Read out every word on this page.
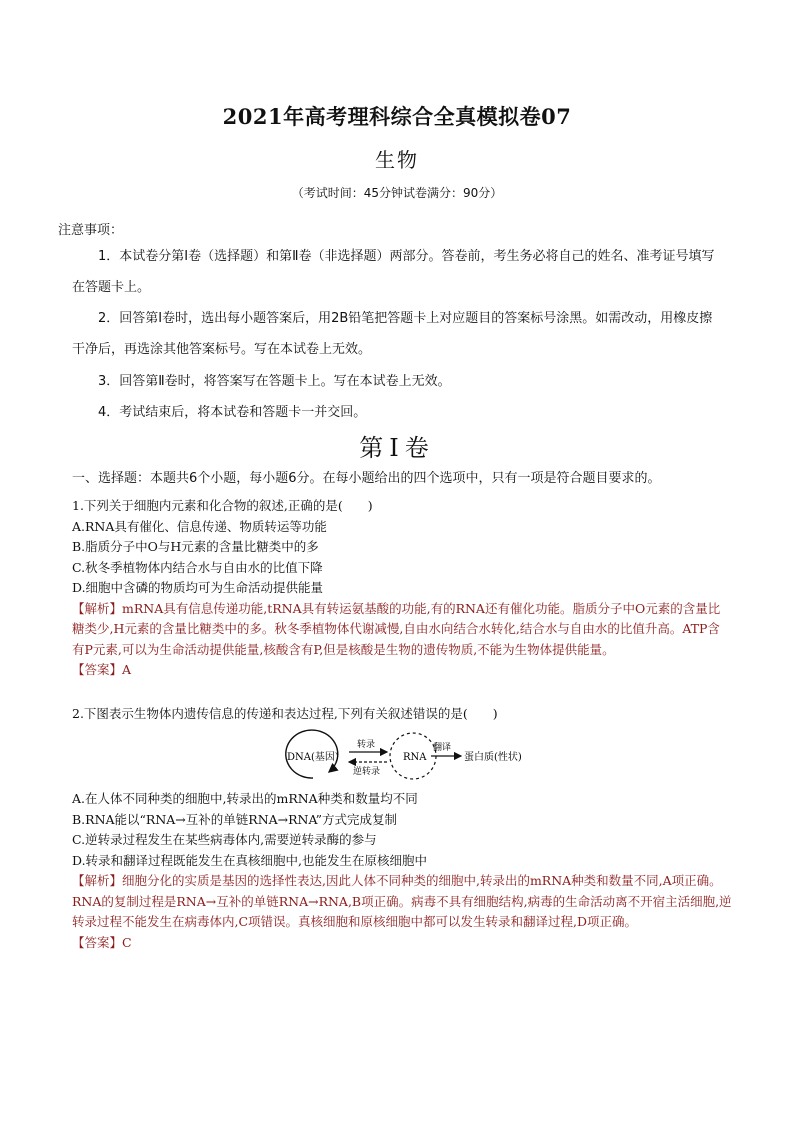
2021年高考理科综合全真模拟卷07
生物
（考试时间：45分钟试卷满分：90分）
注意事项：
1．本试卷分第Ⅰ卷（选择题）和第Ⅱ卷（非选择题）两部分。答卷前，考生务必将自己的姓名、准考证号填写在答题卡上。
2．回答第Ⅰ卷时，选出每小题答案后，用2B铅笔把答题卡上对应题目的答案标号涂黑。如需改动，用橡皮擦干净后，再选涂其他答案标号。写在本试卷上无效。
3．回答第Ⅱ卷时，将答案写在答题卡上。写在本试卷上无效。
4．考试结束后，将本试卷和答题卡一并交回。
第Ⅰ卷
一、选择题：本题共6个小题，每小题6分。在每小题给出的四个选项中，只有一项是符合题目要求的。
1.下列关于细胞内元素和化合物的叙述,正确的是(　　)
A.RNA具有催化、信息传递、物质转运等功能
B.脂质分子中O与H元素的含量比糖类中的多
C.秋冬季植物体内结合水与自由水的比值下降
D.细胞中含磷的物质均可为生命活动提供能量
【解析】mRNA具有信息传递功能,tRNA具有转运氨基酸的功能,有的RNA还有催化功能。脂质分子中O元素的含量比糖类少,H元素的含量比糖类中的多。秋冬季植物体代谢减慢,自由水向结合水转化,结合水与自由水的比值升高。ATP含有P元素,可以为生命活动提供能量,核酸含有P,但是核酸是生物的遗传物质,不能为生物体提供能量。
【答案】A
2.下图表示生物体内遗传信息的传递和表达过程,下列有关叙述错误的是(　　)
DNA(基因)	RNA
转录
逆转录
翻译
蛋白质(性状)
A.在人体不同种类的细胞中,转录出的mRNA种类和数量均不同
B.RNA能以“RNA→互补的单链RNA→RNA”方式完成复制
C.逆转录过程发生在某些病毒体内,需要逆转录酶的参与
D.转录和翻译过程既能发生在真核细胞中,也能发生在原核细胞中
【解析】细胞分化的实质是基因的选择性表达,因此人体不同种类的细胞中,转录出的mRNA种类和数量不同,A项正确。RNA的复制过程是RNA→互补的单链RNA→RNA,B项正确。病毒不具有细胞结构,病毒的生命活动离不开宿主活细胞,逆转录过程不能发生在病毒体内,C项错误。真核细胞和原核细胞中都可以发生转录和翻译过程,D项正确。
【答案】C
